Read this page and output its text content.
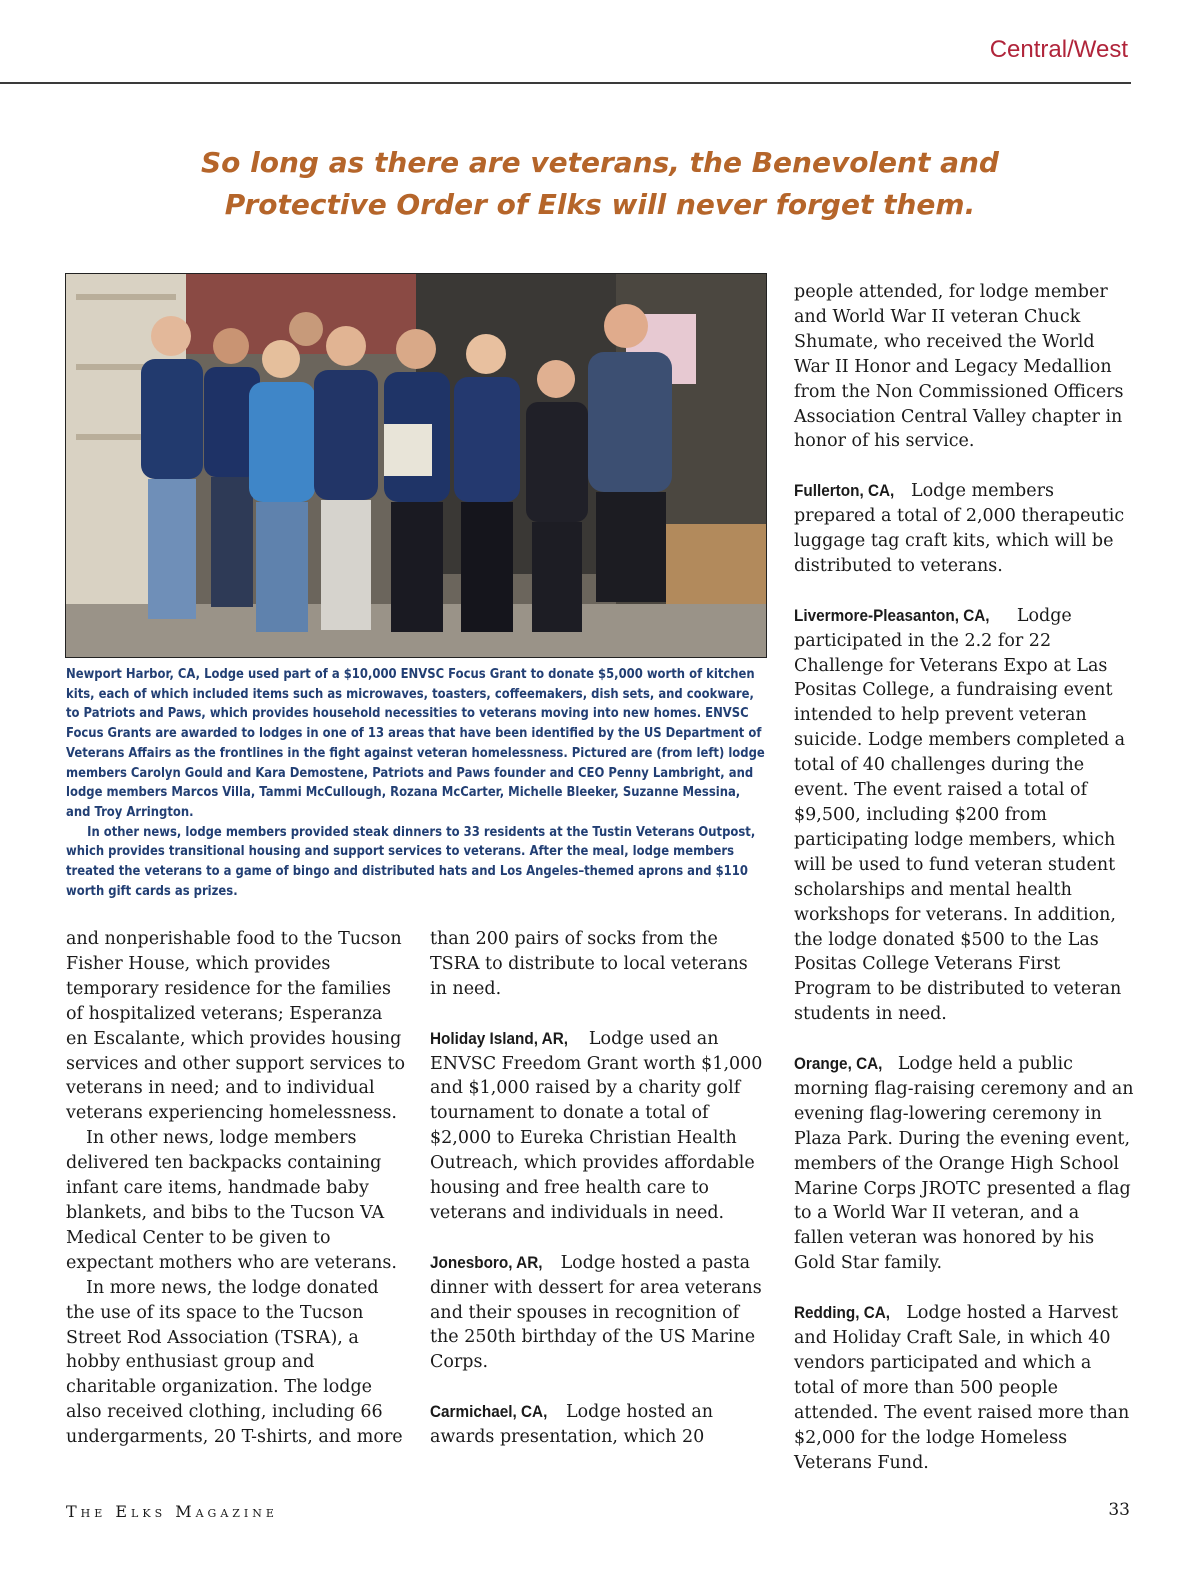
Central/West
So long as there are veterans, the Benevolent and
Protective Order of Elks will never forget them.

Newport Harbor, CA, Lodge used part of a $10,000 ENVSC Focus Grant to donate $5,000 worth of kitchen kits, each of which included items such as microwaves, toasters, coffeemakers, dish sets, and cookware, to Patriots and Paws, which provides household necessities to veterans moving into new homes. ENVSC Focus Grants are awarded to lodges in one of 13 areas that have been identified by the US Department of Veterans Affairs as the frontlines in the fight against veteran homelessness. Pictured are (from left) lodge members Carolyn Gould and Kara Demostene, Patriots and Paws founder and CEO Penny Lambright, and lodge members Marcos Villa, Tammi McCullough, Rozana McCarter, Michelle Bleeker, Suzanne Messina, and Troy Arrington.

In other news, lodge members provided steak dinners to 33 residents at the Tustin Veterans Outpost, which provides transitional housing and support services to veterans. After the meal, lodge members treated the veterans to a game of bingo and distributed hats and Los Angeles–themed aprons and $110 worth gift cards as prizes.

and nonperishable food to the Tucson Fisher House, which provides temporary residence for the families of hospitalized veterans; Esperanza en Escalante, which provides housing services and other support services to veterans in need; and to individual veterans experiencing homelessness.

In other news, lodge members delivered ten backpacks containing infant care items, handmade baby blankets, and bibs to the Tucson VA Medical Center to be given to expectant mothers who are veterans.

In more news, the lodge donated the use of its space to the Tucson Street Rod Association (TSRA), a hobby enthusiast group and charitable organization. The lodge also received clothing, including 66 undergarments, 20 T-shirts, and more

than 200 pairs of socks from the TSRA to distribute to local veterans in need.

Holiday Island, AR, Lodge used an ENVSC Freedom Grant worth $1,000 and $1,000 raised by a charity golf tournament to donate a total of $2,000 to Eureka Christian Health Outreach, which provides affordable housing and free health care to veterans and individuals in need.

Jonesboro, AR, Lodge hosted a pasta dinner with dessert for area veterans and their spouses in recognition of the 250th birthday of the US Marine Corps.

Carmichael, CA, Lodge hosted an awards presentation, which 20

people attended, for lodge member and World War II veteran Chuck Shumate, who received the World War II Honor and Legacy Medallion from the Non Commissioned Officers Association Central Valley chapter in honor of his service.

Fullerton, CA, Lodge members prepared a total of 2,000 therapeutic luggage tag craft kits, which will be distributed to veterans.

Livermore-Pleasanton, CA, Lodge participated in the 2.2 for 22 Challenge for Veterans Expo at Las Positas College, a fundraising event intended to help prevent veteran suicide. Lodge members completed a total of 40 challenges during the event. The event raised a total of $9,500, including $200 from participating lodge members, which will be used to fund veteran student scholarships and mental health workshops for veterans. In addition, the lodge donated $500 to the Las Positas College Veterans First Program to be distributed to veteran students in need.

Orange, CA, Lodge held a public morning flag-raising ceremony and an evening flag-lowering ceremony in Plaza Park. During the evening event, members of the Orange High School Marine Corps JROTC presented a flag to a World War II veteran, and a fallen veteran was honored by his Gold Star family.

Redding, CA, Lodge hosted a Harvest and Holiday Craft Sale, in which 40 vendors participated and which a total of more than 500 people attended. The event raised more than $2,000 for the lodge Homeless Veterans Fund.

The Elks Magazine	33
